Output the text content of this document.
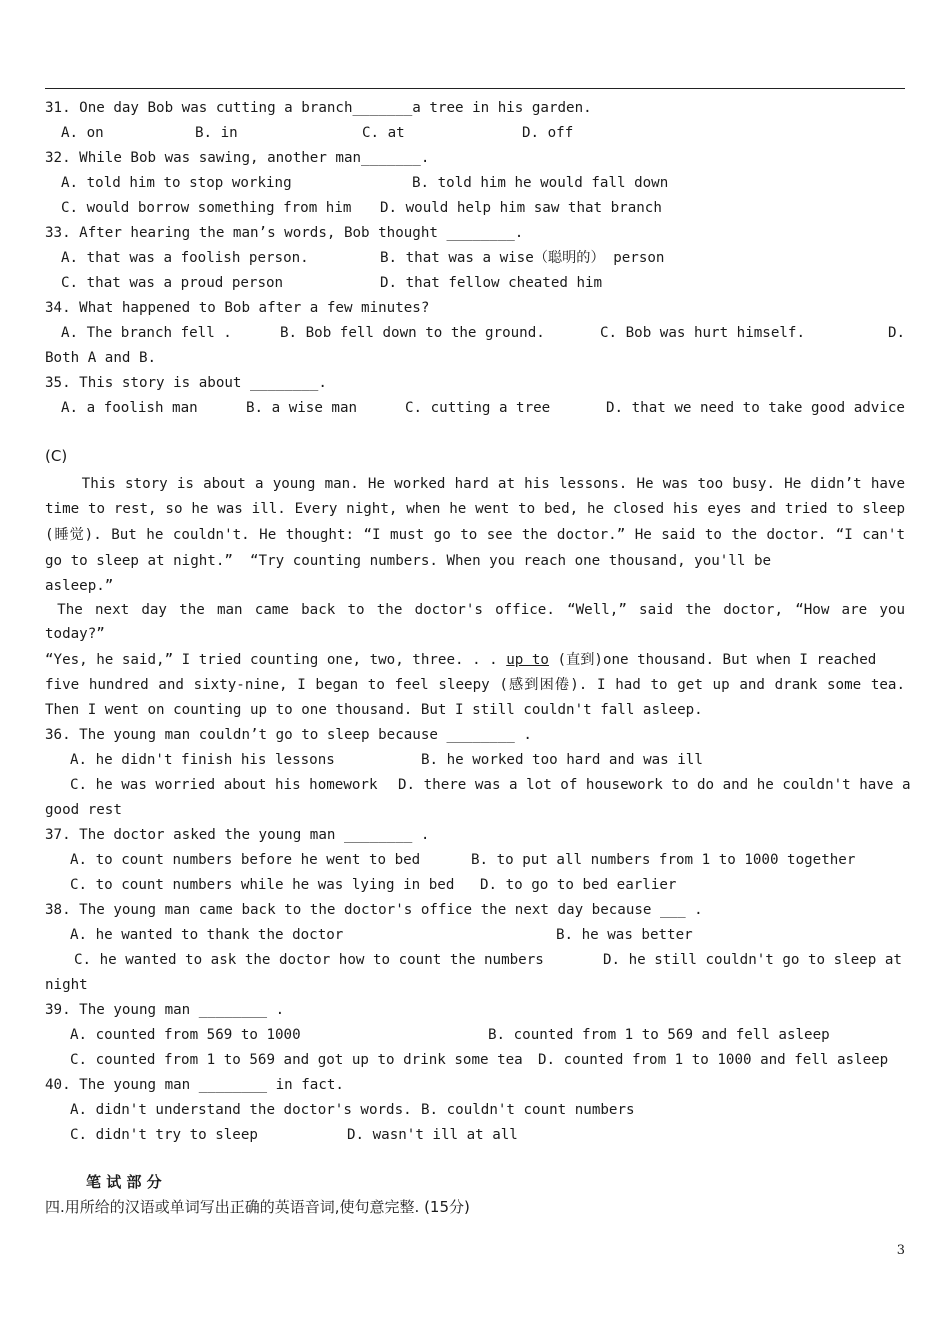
31. One day Bob was cutting a branch_______a tree in his garden.
A. on	B. in	C. at	D. off
32. While Bob was sawing, another man_______.
A. told him to stop working	B. told him he would fall down
C. would borrow something from him D. would help him saw that branch
33. After hearing the man’s words, Bob thought ________.
A. that was a foolish person.	B. that was a wise（聪明的） person
C. that was a proud person	D. that fellow cheated him
34. What happened to Bob after a few minutes?
A. The branch fell .	B. Bob fell down to the ground.	C. Bob was hurt himself.	D.
Both A and B.
35. This story is about ________.
A. a foolish man	B. a wise man	C. cutting a tree	D. that we need to take good advice
(C)
This story is about a young man. He worked hard at his lessons. He was too busy. He didn’t have
time to rest, so he was ill. Every night, when he went to bed, he closed his eyes and tried to sleep
(睡觉). But he couldn't. He thought: “I must go to see the doctor.” He said to the doctor. “I can't
go to sleep at night.”  “Try counting numbers. When you reach one thousand, you'll be
asleep.”
The next day the man came back to the doctor's office. “Well,” said the doctor, “How are you
today?”
“Yes, he said,” I tried counting one, two, three. . . up to (直到)one thousand. But when I reached
five hundred and sixty-nine, I began to feel sleepy (感到困倦). I had to get up and drank some tea.
Then I went on counting up to one thousand. But I still couldn't fall asleep.
36. The young man couldn’t go to sleep because ________ .
A. he didn't finish his lessons	B. he worked too hard and was ill
C. he was worried about his homework D. there was a lot of housework to do and he couldn't have a
good rest
37. The doctor asked the young man ________ .
A. to count numbers before he went to bed	B. to put all numbers from 1 to 1000 together
C. to count numbers while he was lying in bed D. to go to bed earlier
38. The young man came back to the doctor's office the next day because ___ .
A. he wanted to thank the doctor	B. he was better
C. he wanted to ask the doctor how to count the numbers	D. he still couldn't go to sleep at
night
39. The young man ________ .
A. counted from 569 to 1000	B. counted from 1 to 569 and fell asleep
C. counted from 1 to 569 and got up to drink some tea D. counted from 1 to 1000 and fell asleep
40. The young man ________ in fact.
A. didn't understand the doctor's words. B. couldn't count numbers
C. didn't try to sleep	D. wasn't ill at all
笔 试 部 分
四.用所给的汉语或单词写出正确的英语音词,使句意完整. (15分)
3
